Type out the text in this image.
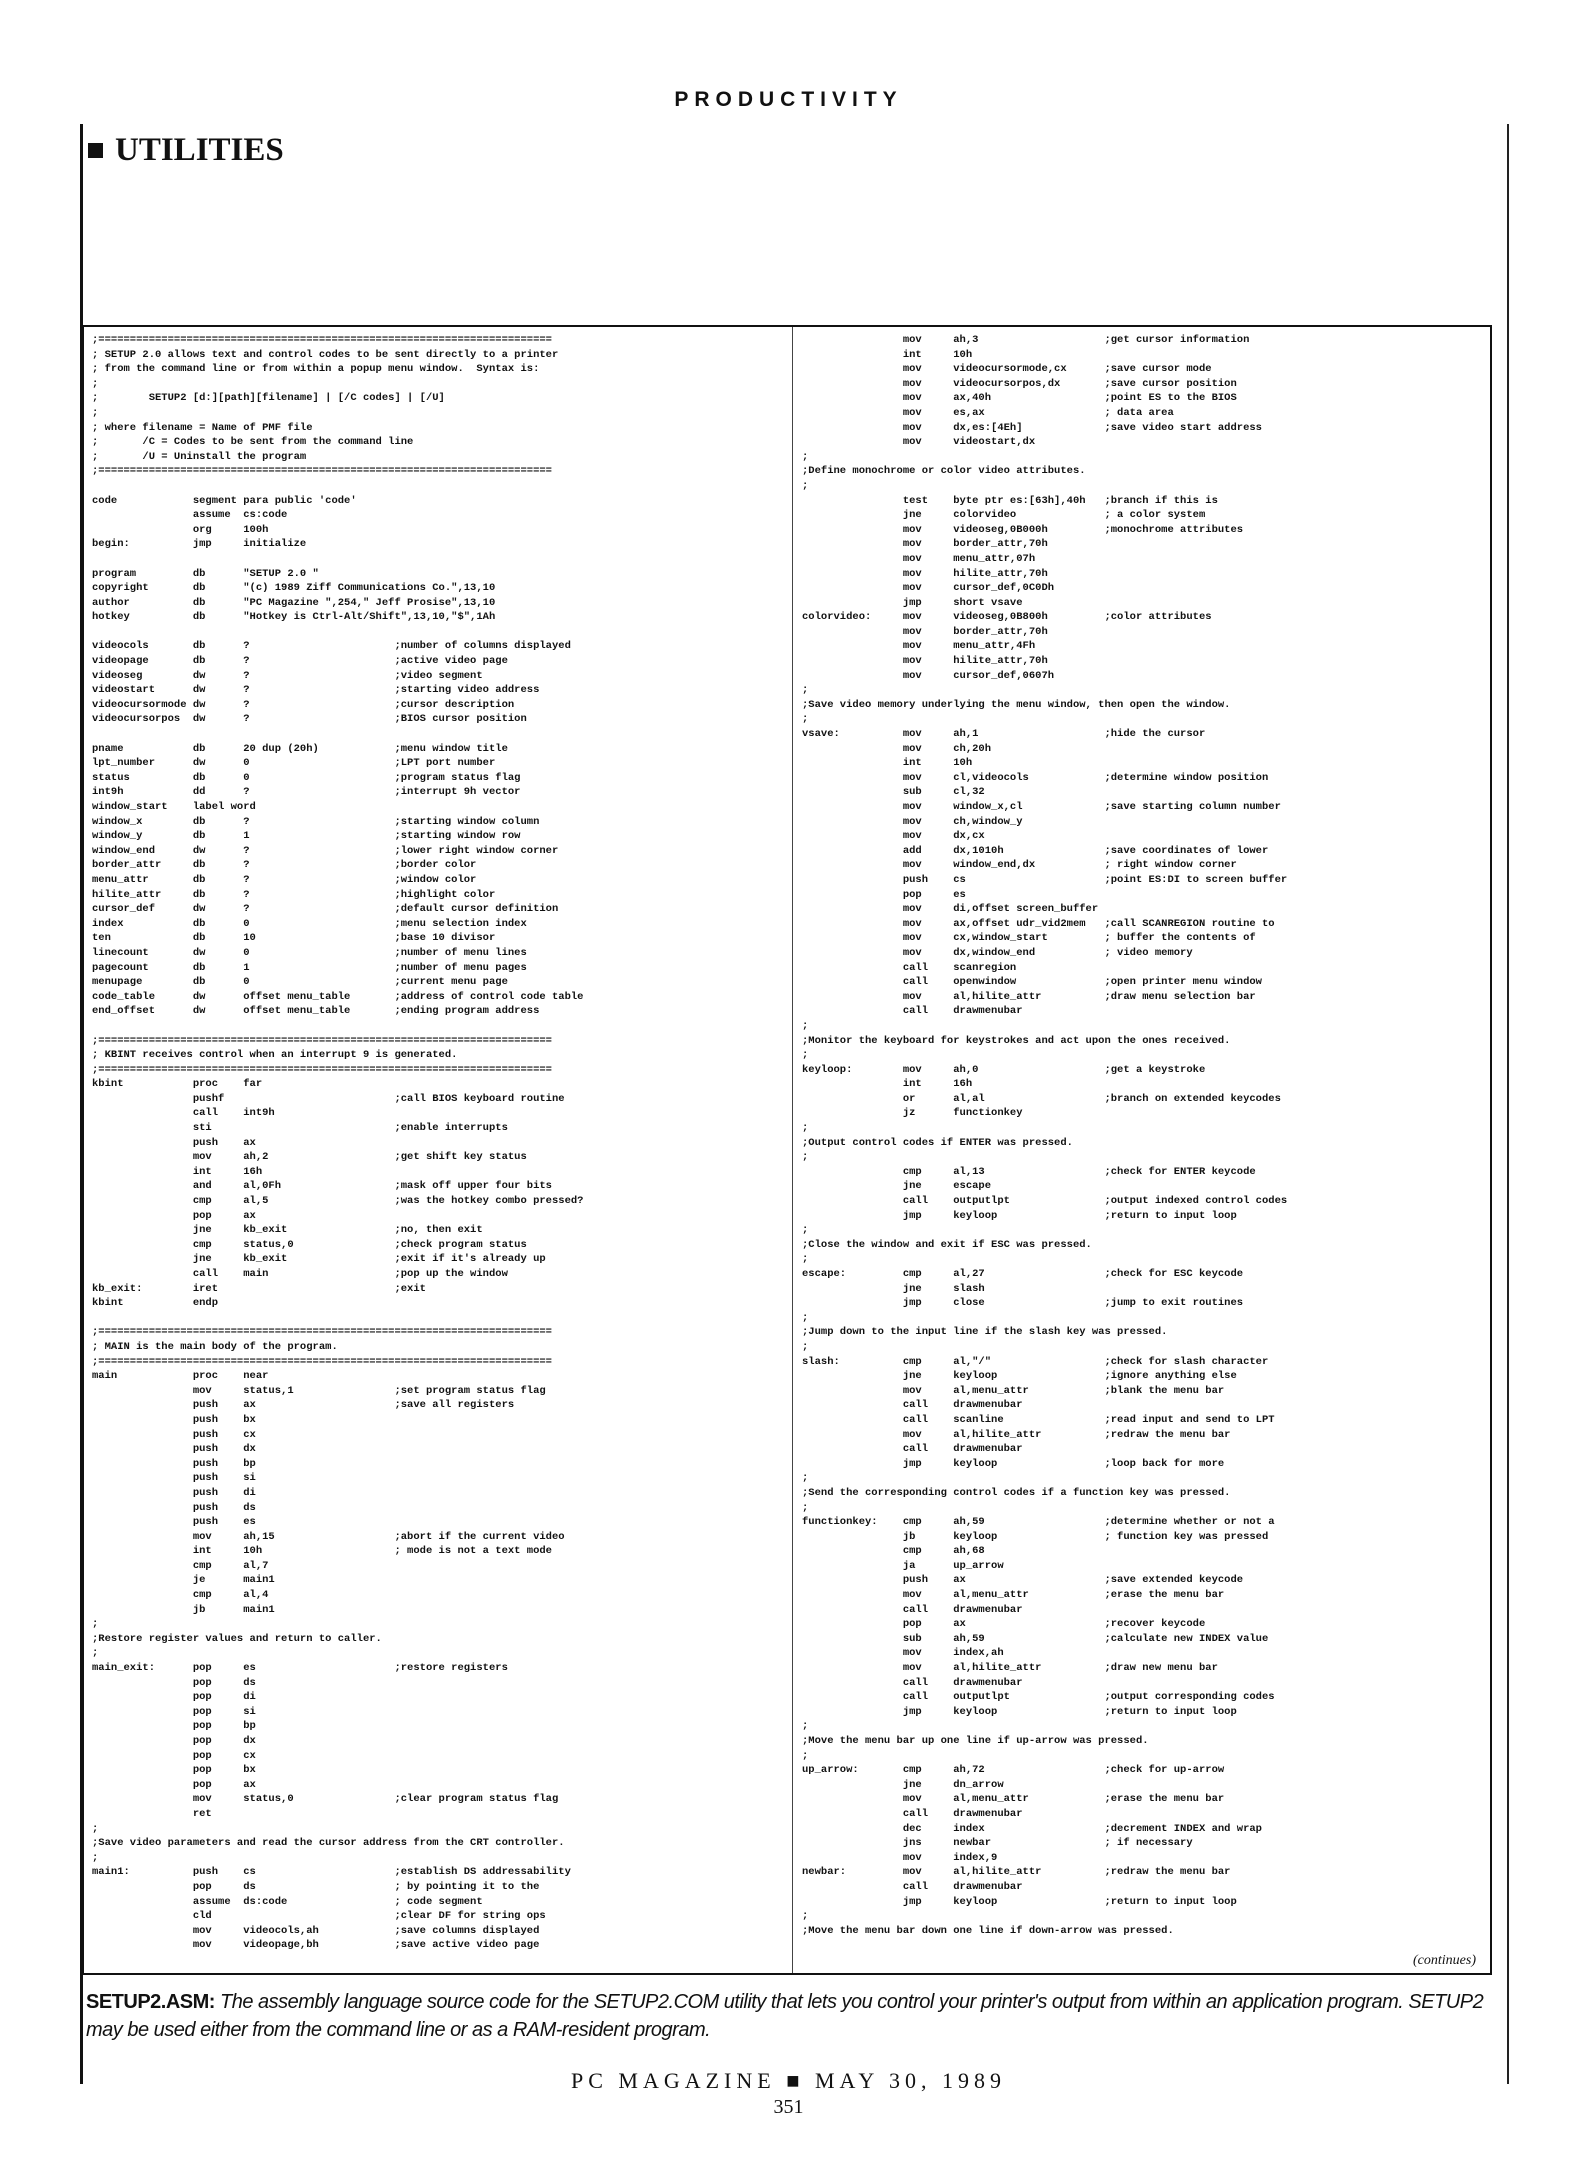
PRODUCTIVITY
UTILITIES
;========================================================================
; SETUP 2.0 allows text and control codes to be sent directly to a printer
; from the command line or from within a popup menu window.  Syntax is:
;
;        SETUP2 [d:][path][filename] | [/C codes] | [/U]
;
; where filename = Name of PMF file
;       /C = Codes to be sent from the command line
;       /U = Uninstall the program
;========================================================================
code            segment para public 'code'
assume  cs:code
org     100h
begin:          jmp     initialize
program         db      "SETUP 2.0 "
copyright       db      "(c) 1989 Ziff Communications Co.",13,10
author          db      "PC Magazine ",254," Jeff Prosise",13,10
hotkey          db      "Hotkey is Ctrl-Alt/Shift",13,10,"$",1Ah
videocols       db      ?                       ;number of columns displayed
videopage       db      ?                       ;active video page
videoseg        dw      ?                       ;video segment
videostart      dw      ?                       ;starting video address
videocursormode dw      ?                       ;cursor description
videocursorpos  dw      ?                       ;BIOS cursor position
pname           db      20 dup (20h)            ;menu window title
lpt_number      dw      0                       ;LPT port number
status          db      0                       ;program status flag
int9h           dd      ?                       ;interrupt 9h vector
window_start    label word
window_x        db      ?                       ;starting window column
window_y        db      1                       ;starting window row
window_end      dw      ?                       ;lower right window corner
border_attr     db      ?                       ;border color
menu_attr       db      ?                       ;window color
hilite_attr     db      ?                       ;highlight color
cursor_def      dw      ?                       ;default cursor definition
index           db      0                       ;menu selection index
ten             db      10                      ;base 10 divisor
linecount       dw      0                       ;number of menu lines
pagecount       db      1                       ;number of menu pages
menupage        db      0                       ;current menu page
code_table      dw      offset menu_table       ;address of control code table
end_offset      dw      offset menu_table       ;ending program address
;========================================================================
; KBINT receives control when an interrupt 9 is generated.
;========================================================================
kbint           proc    far
pushf                           ;call BIOS keyboard routine
call    int9h
sti                             ;enable interrupts
push    ax
mov     ah,2                    ;get shift key status
int     16h
and     al,0Fh                  ;mask off upper four bits
cmp     al,5                    ;was the hotkey combo pressed?
pop     ax
jne     kb_exit                 ;no, then exit
cmp     status,0                ;check program status
jne     kb_exit                 ;exit if it's already up
call    main                    ;pop up the window
kb_exit:        iret                            ;exit
kbint           endp
;========================================================================
; MAIN is the main body of the program.
;========================================================================
main            proc    near
mov     status,1                ;set program status flag
push    ax                      ;save all registers
push    bx
push    cx
push    dx
push    bp
push    si
push    di
push    ds
push    es
mov     ah,15                   ;abort if the current video
int     10h                     ; mode is not a text mode
cmp     al,7
je      main1
cmp     al,4
jb      main1
;
;Restore register values and return to caller.
;
main_exit:      pop     es                      ;restore registers
pop     ds
pop     di
pop     si
pop     bp
pop     dx
pop     cx
pop     bx
pop     ax
mov     status,0                ;clear program status flag
ret
;
;Save video parameters and read the cursor address from the CRT controller.
;
main1:          push    cs                      ;establish DS addressability
pop     ds                      ; by pointing it to the
assume  ds:code                 ; code segment
cld                             ;clear DF for string ops
mov     videocols,ah            ;save columns displayed
mov     videopage,bh            ;save active video page
mov     ah,3                    ;get cursor information
int     10h
mov     videocursormode,cx      ;save cursor mode
mov     videocursorpos,dx       ;save cursor position
mov     ax,40h                  ;point ES to the BIOS
mov     es,ax                   ; data area
mov     dx,es:[4Eh]             ;save video start address
mov     videostart,dx
;
;Define monochrome or color video attributes.
;
test    byte ptr es:[63h],40h   ;branch if this is
jne     colorvideo              ; a color system
mov     videoseg,0B000h         ;monochrome attributes
mov     border_attr,70h
mov     menu_attr,07h
mov     hilite_attr,70h
mov     cursor_def,0C0Dh
jmp     short vsave
colorvideo:     mov     videoseg,0B800h         ;color attributes
mov     border_attr,70h
mov     menu_attr,4Fh
mov     hilite_attr,70h
mov     cursor_def,0607h
;
;Save video memory underlying the menu window, then open the window.
;
vsave:          mov     ah,1                    ;hide the cursor
mov     ch,20h
int     10h
mov     cl,videocols            ;determine window position
sub     cl,32
mov     window_x,cl             ;save starting column number
mov     ch,window_y
mov     dx,cx
add     dx,1010h                ;save coordinates of lower
mov     window_end,dx           ; right window corner
push    cs                      ;point ES:DI to screen buffer
pop     es
mov     di,offset screen_buffer
mov     ax,offset udr_vid2mem   ;call SCANREGION routine to
mov     cx,window_start         ; buffer the contents of
mov     dx,window_end           ; video memory
call    scanregion
call    openwindow              ;open printer menu window
mov     al,hilite_attr          ;draw menu selection bar
call    drawmenubar
;
;Monitor the keyboard for keystrokes and act upon the ones received.
;
keyloop:        mov     ah,0                    ;get a keystroke
int     16h
or      al,al                   ;branch on extended keycodes
jz      functionkey
;
;Output control codes if ENTER was pressed.
;
cmp     al,13                   ;check for ENTER keycode
jne     escape
call    outputlpt               ;output indexed control codes
jmp     keyloop                 ;return to input loop
;
;Close the window and exit if ESC was pressed.
;
escape:         cmp     al,27                   ;check for ESC keycode
jne     slash
jmp     close                   ;jump to exit routines
;
;Jump down to the input line if the slash key was pressed.
;
slash:          cmp     al,"/"                  ;check for slash character
jne     keyloop                 ;ignore anything else
mov     al,menu_attr            ;blank the menu bar
call    drawmenubar
call    scanline                ;read input and send to LPT
mov     al,hilite_attr          ;redraw the menu bar
call    drawmenubar
jmp     keyloop                 ;loop back for more
;
;Send the corresponding control codes if a function key was pressed.
;
functionkey:    cmp     ah,59                   ;determine whether or not a
jb      keyloop                 ; function key was pressed
cmp     ah,68
ja      up_arrow
push    ax                      ;save extended keycode
mov     al,menu_attr            ;erase the menu bar
call    drawmenubar
pop     ax                      ;recover keycode
sub     ah,59                   ;calculate new INDEX value
mov     index,ah
mov     al,hilite_attr          ;draw new menu bar
call    drawmenubar
call    outputlpt               ;output corresponding codes
jmp     keyloop                 ;return to input loop
;
;Move the menu bar up one line if up-arrow was pressed.
;
up_arrow:       cmp     ah,72                   ;check for up-arrow
jne     dn_arrow
mov     al,menu_attr            ;erase the menu bar
call    drawmenubar
dec     index                   ;decrement INDEX and wrap
jns     newbar                  ; if necessary
mov     index,9
newbar:         mov     al,hilite_attr          ;redraw the menu bar
call    drawmenubar
jmp     keyloop                 ;return to input loop
;
;Move the menu bar down one line if down-arrow was pressed.
(continues)
SETUP2.ASM: The assembly language source code for the SETUP2.COM utility that lets you control your printer's output from within an application program. SETUP2 may be used either from the command line or as a RAM-resident program.
PC MAGAZINE ■ MAY 30, 1989
351
